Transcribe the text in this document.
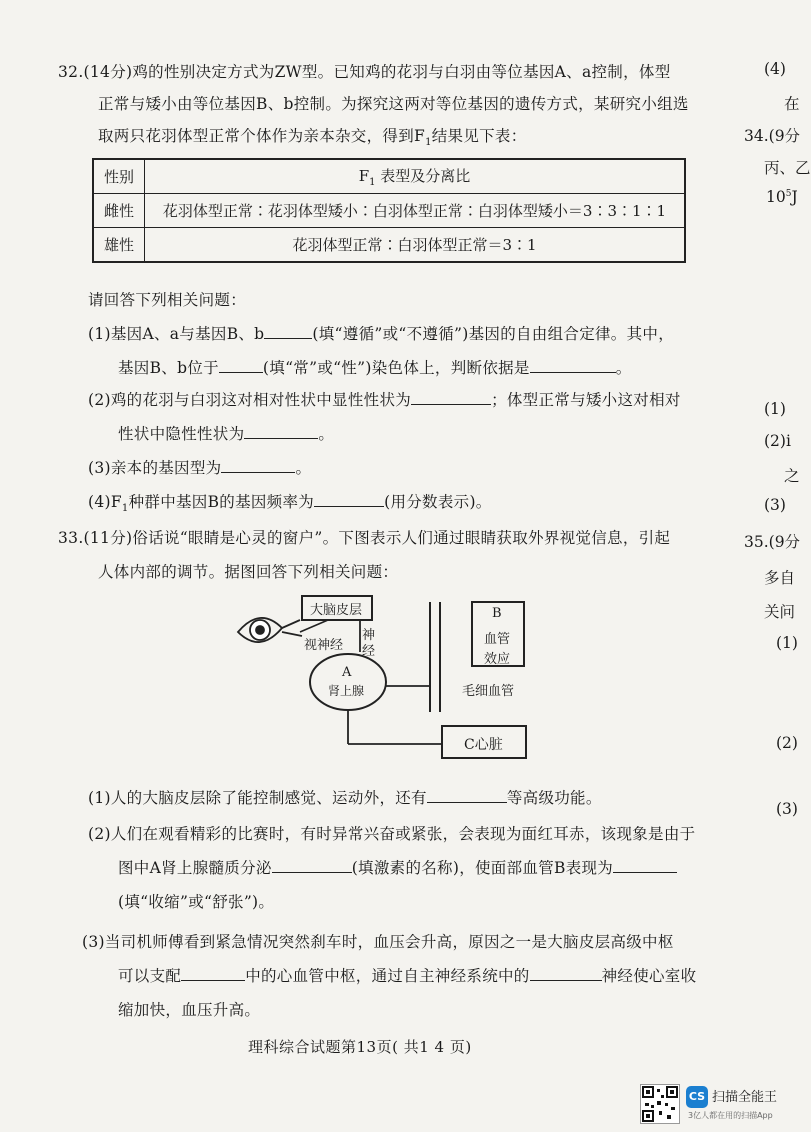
32.(14分)鸡的性别决定方式为ZW型。已知鸡的花羽与白羽由等位基因A、a控制，体型
正常与矮小由等位基因B、b控制。为探究这两对等位基因的遗传方式，某研究小组选
取两只花羽体型正常个体作为亲本杂交，得到$F_1$结果见下表：
性别	$F_1$ 表型及分离比
雌性	花羽体型正常∶花羽体型矮小∶白羽体型正常∶白羽体型矮小＝3∶3∶1∶1
雄性	花羽体型正常∶白羽体型正常＝3∶1
请回答下列相关问题：
(1)基因A、a与基因B、b	(填“遵循”或“不遵循”)基因的自由组合定律。其中，
基因B、b位于	(填“常”或“性”)染色体上，判断依据是	。
(2)鸡的花羽与白羽这对相对性状中显性性状为	；体型正常与矮小这对相对
性状中隐性性状为	。
(3)亲本的基因型为	。
$(4)F_1$种群中基因B的基因频率为	(用分数表示)。
33.(11分)俗话说“眼睛是心灵的窗户”。下图表示人们通过眼睛获取外界视觉信息，引起
人体内部的调节。据图回答下列相关问题：
大脑皮层
视神经
神
经
A
肾上腺
B
血管
效应
毛细血管
C心脏
(1)人的大脑皮层除了能控制感觉、运动外，还有	等高级功能。
(2)人们在观看精彩的比赛时，有时异常兴奋或紧张，会表现为面红耳赤，该现象是由于
图中A肾上腺髓质分泌	(填激素的名称)，使面部血管B表现为
(填“收缩”或“舒张”)。
(3)当司机师傅看到紧急情况突然刹车时，血压会升高，原因之一是大脑皮层高级中枢
可以支配	中的心血管中枢，通过自主神经系统中的	神经使心室收
缩加快，血压升高。
(4)
在
34.(9分
丙、乙
$10^5J$
(1)
(2)i
之
(3)
35.(9分
多自
关问
(1)
(2)
(3)
理科综合试题第13页( 共1 4 页)
CS 扫描全能王
3亿人都在用的扫描App
